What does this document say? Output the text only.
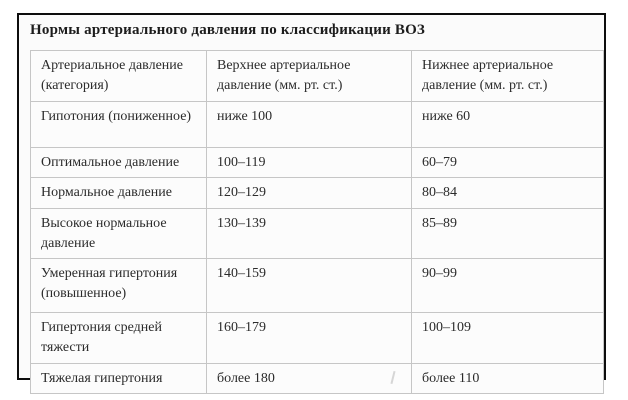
Нормы артериального давления по классификации ВОЗ
Артериальное давление (категория)	Верхнее артериальное давление (мм. рт. ст.)	Нижнее артериальное давление (мм. рт. ст.)
Гипотония (пониженное)	ниже 100	ниже 60
Оптимальное давление	100–119	60–79
Нормальное давление	120–129	80–84
Высокое нормальное давление	130–139	85–89
Умеренная гипертония (повышенное)	140–159	90–99
Гипертония средней тяжести	160–179	100–109
Тяжелая гипертония	более 180	более 110
